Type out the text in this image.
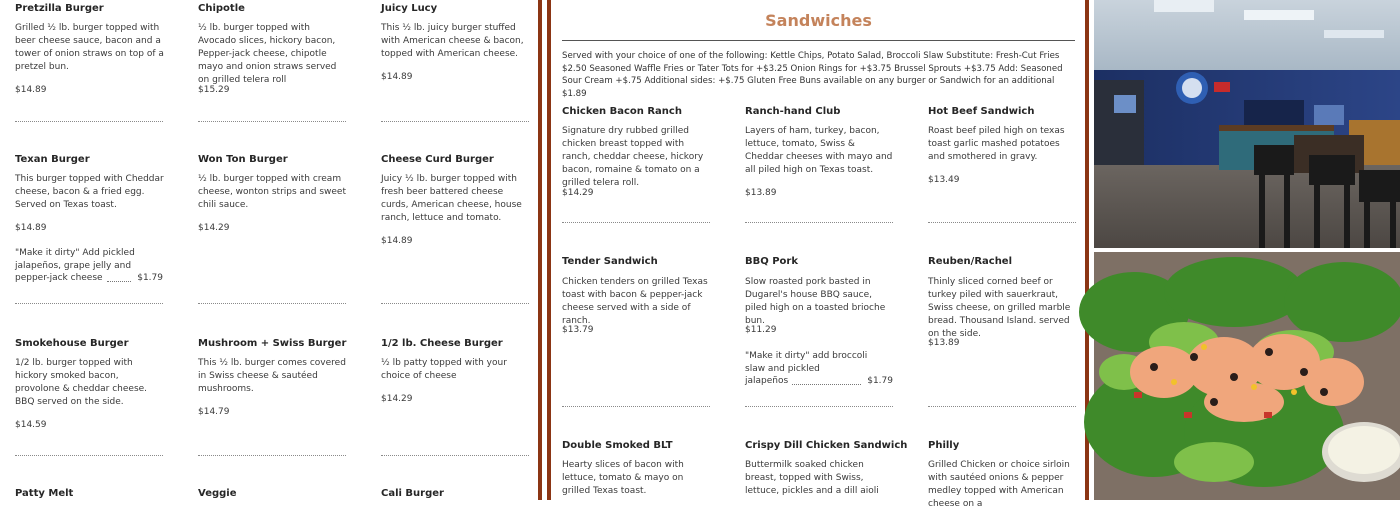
Pretzilla Burger
Grilled ½ lb. burger topped with beer cheese sauce, bacon and a tower of onion straws on top of a pretzel bun.
$14.89
Chipotle
½ lb. burger topped with Avocado slices, hickory bacon, Pepper-jack cheese, chipotle mayo and onion straws served on grilled telera roll
$15.29
Juicy Lucy
This ½ lb. juicy burger stuffed with American cheese & bacon, topped with American cheese.
$14.89
Texan Burger
This burger topped with Cheddar cheese, bacon & a fried egg. Served on Texas toast.
$14.89
"Make it dirty" Add pickled
jalapeños, grape jelly and
pepper-jack cheese	$1.79
Won Ton Burger
½ lb. burger topped with cream cheese, wonton strips and sweet chili sauce.
$14.29
Cheese Curd Burger
Juicy ½ lb. burger topped with fresh beer battered cheese curds, American cheese, house ranch, lettuce and tomato.
$14.89
Smokehouse Burger
1/2 lb. burger topped with hickory smoked bacon, provolone & cheddar cheese. BBQ served on the side.
$14.59
Mushroom + Swiss Burger
This ½ lb. burger comes covered in Swiss cheese & sautéed mushrooms.
$14.79
1/2 lb. Cheese Burger
½ lb patty topped with your choice of cheese
$14.29
Patty Melt	Veggie	Cali Burger
Sandwiches
Served with your choice of one of the following: Kettle Chips, Potato Salad, Broccoli Slaw Substitute: Fresh-Cut Fries $2.50 Seasoned Waffle Fries or Tater Tots for +$3.25 Onion Rings for +$3.75 Brussel Sprouts +$3.75 Add: Seasoned Sour Cream +$.75 Additional sides: +$.75 Gluten Free Buns available on any burger or Sandwich for an additional $1.89
Chicken Bacon Ranch
Signature dry rubbed grilled chicken breast topped with ranch, cheddar cheese, hickory bacon, romaine & tomato on a grilled telera roll.
$14.29
Ranch-hand Club
Layers of ham, turkey, bacon, lettuce, tomato, Swiss & Cheddar cheeses with mayo and all piled high on Texas toast.
$13.89
Hot Beef Sandwich
Roast beef piled high on texas toast garlic mashed potatoes and smothered in gravy.
$13.49
Tender Sandwich
Chicken tenders on grilled Texas toast with bacon & pepper-jack cheese served with a side of ranch.
$13.79
BBQ Pork
Slow roasted pork basted in Dugarel's house BBQ sauce, piled high on a toasted brioche bun.
$11.29
"Make it dirty" add broccoli
slaw and pickled
jalapeños	$1.79
Reuben/Rachel
Thinly sliced corned beef or turkey piled with sauerkraut, Swiss cheese, on grilled marble bread. Thousand Island. served on the side.
$13.89
Double Smoked BLT
Hearty slices of bacon with lettuce, tomato & mayo on grilled Texas toast.
Crispy Dill Chicken Sandwich
Buttermilk soaked chicken breast, topped with Swiss, lettuce, pickles and a dill aioli
Philly
Grilled Chicken or choice sirloin with sautéed onions & pepper medley topped with American cheese on a
